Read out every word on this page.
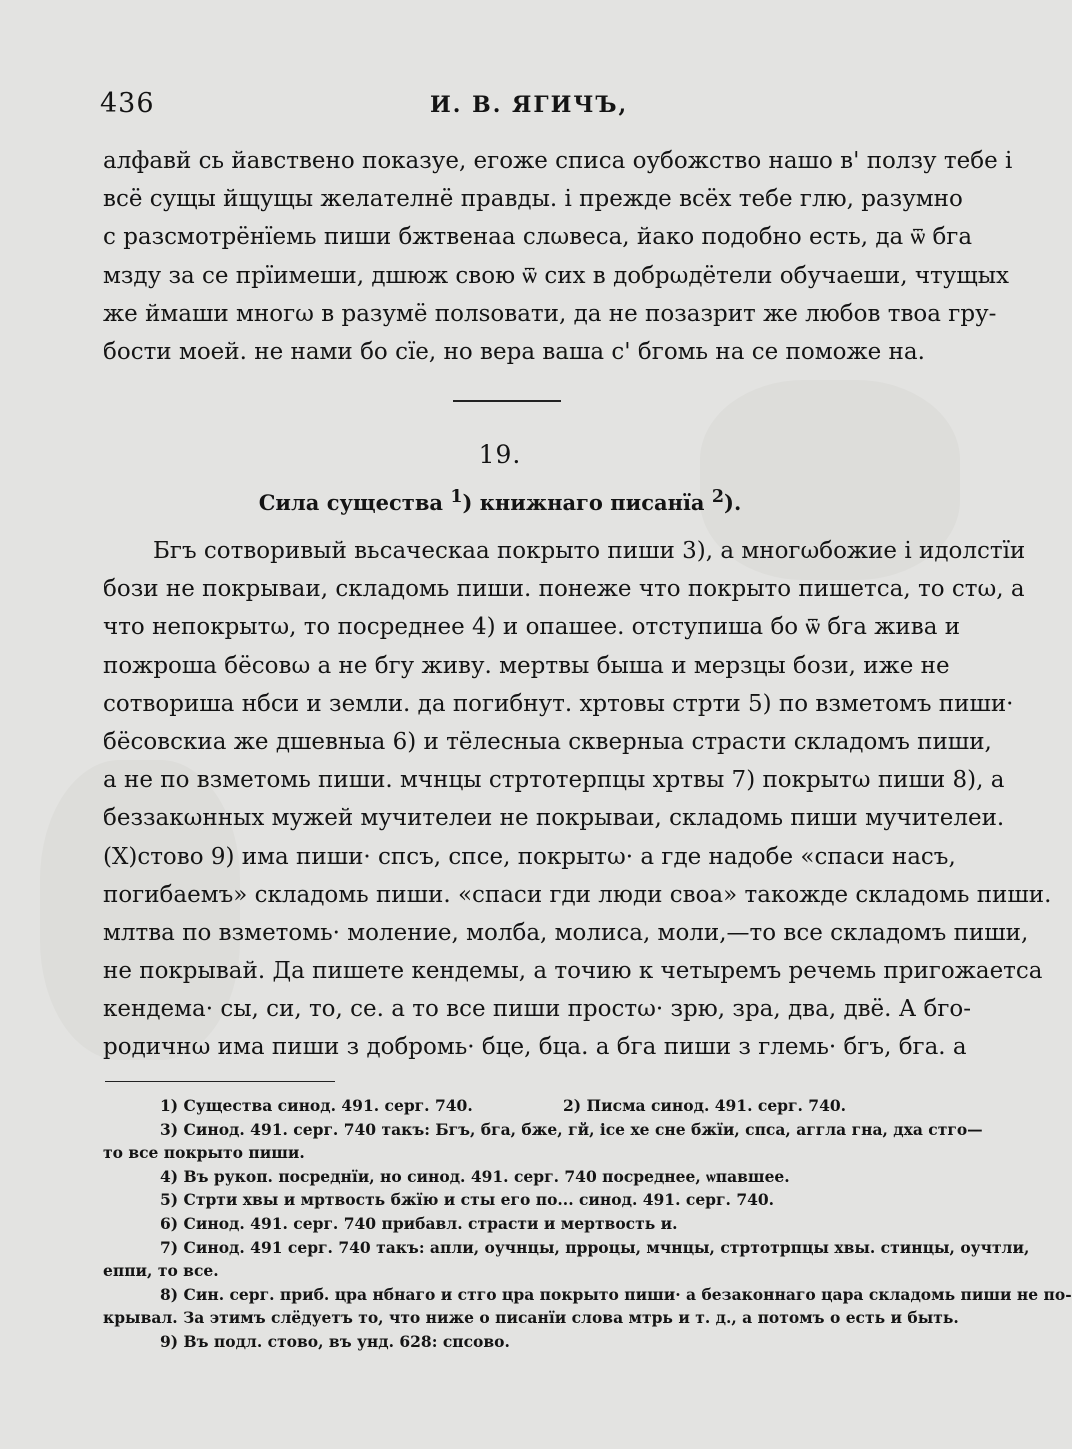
436	И. В. ЯГИЧЪ,
алфавй сь йавствено показуе, егоже списа оубожство нашо в' ползу тебе і
всё сущы йщущы желателнё правды. і прежде всёх тебе глю, разумно
с разсмотрёнїемь пиши бжтвенаа слωвеса, йако подобно есть, да ѿ бга
мзду за се прїимеши, дшюж свою ѿ сих в добрωдётели обучаеши, чтущых
же ймаши многω в разумё полѕовати, да не позазрит же любов твоа гру-
бости моей. не нами бо сїе, но вера ваша с' бгомь на се поможе на.
19.
Сила существа $^1$) книжнаго писанїа $^2$).
Бгъ сотворивый вьсаческаа покрыто пиши 3), а многωбожие і идолстїи
бози не покрываи, складомь пиши. понеже что покрыто пишетса, то стω, а
что непокрытω, то посреднее 4) и опашее. отступиша бо ѿ бга жива и
пожроша бёсовω а не бгу живу. мертвы быша и мерзцы бози, иже не
сотвориша нбси и земли. да погибнут. хртовы стрти 5) по взметомъ пиши·
бёсовскиа же дшевныа 6) и тёлесныа скверныа страсти складомъ пиши,
а не по взметомь пиши. мчнцы стртотерпцы хртвы 7) покрытω пиши 8), а
беззакωнных мужей мучителеи не покрываи, складомь пиши мучителеи.
(Х)стово 9) има пиши· спсъ, спсе, покрытω· а где надобе «спаси насъ,
погибаемъ» складомь пиши. «спаси гди люди своа» такожде складомь пиши.
млтва по взметомь· моление, молба, молиса, моли,—то все складомъ пиши,
не покрывай. Да пишете кендемы, а точию к четыремъ речемь пригожаетса
кендема· сы, си, то, се. а то все пиши простω· зрю, зра, два, двё. А бго-
родичнω има пиши з добромь· бце, бца. а бга пиши з глемь· бгъ, бга. а
1) Существа синод. 491. серг. 740.	2) Писма синод. 491. серг. 740.
3) Синод. 491. серг. 740 такъ: Бгъ, бга, бже, гй, ісе хе сне бжїи, спса, аггла гна, дха стго—
то все покрыто пиши.
4) Въ рукоп. посреднїи, но синод. 491. серг. 740 посреднее, ѡпавшее.
5) Стрти хвы и мртвость бжїю и сты его по... синод. 491. серг. 740.
6) Синод. 491. серг. 740 прибавл. страсти и мертвость и.
7) Синод. 491 серг. 740 такъ: апли, оучнцы, прроцы, мчнцы, стртотрпцы хвы. стинцы, оучтли,
еппи, то все.
8) Син. серг. приб. цра нбнаго и стго цра покрыто пиши· а безаконнаго цара складомь пиши не по-
крывал. За этимъ слёдуетъ то, что ниже о писанїи слова мтрь и т. д., а потомъ о есть и быть.
9) Въ подл. стово, въ унд. 628: спсово.
